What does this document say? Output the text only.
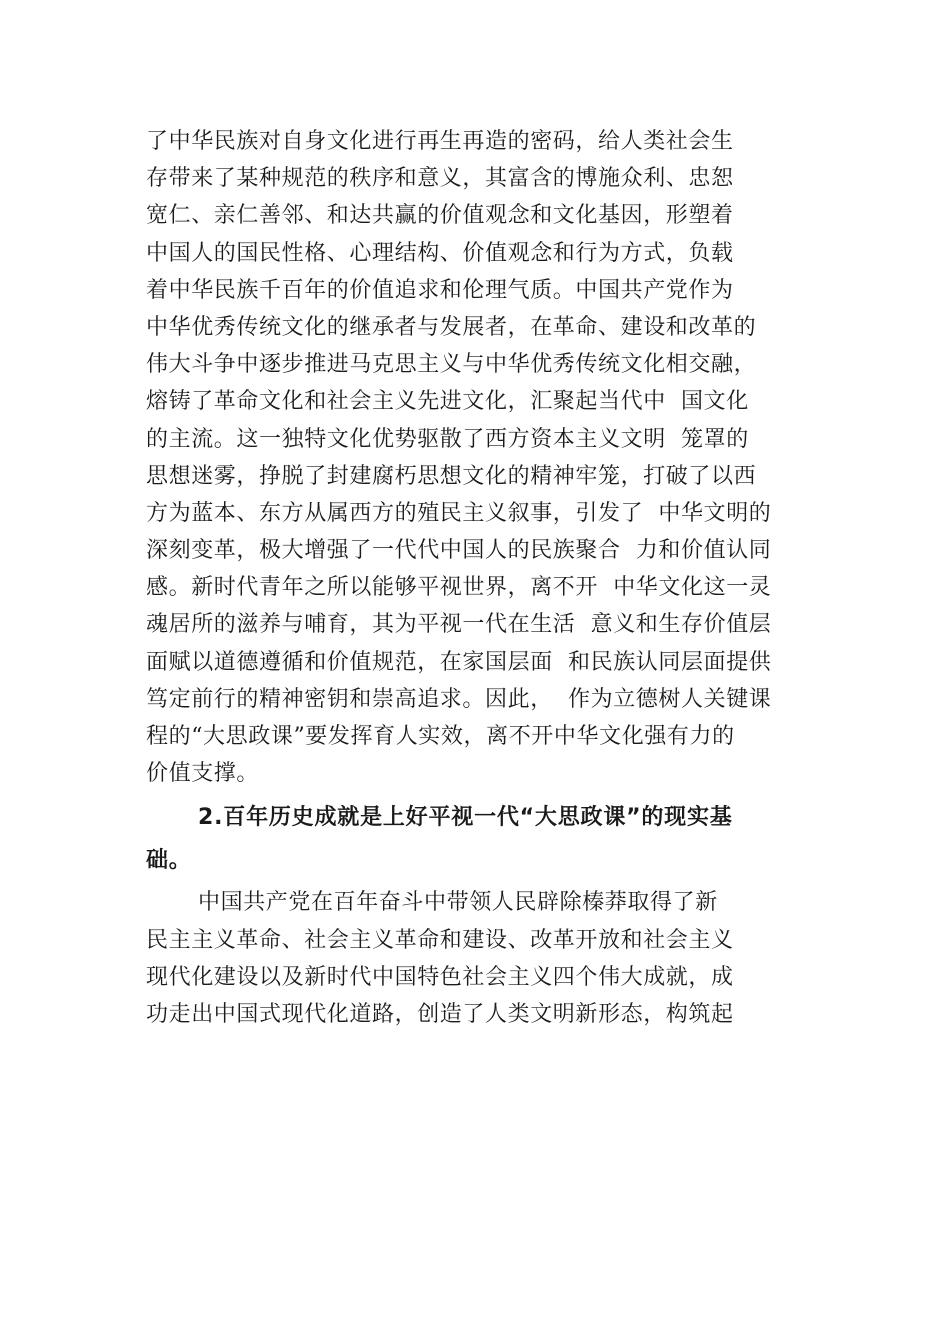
了中华民族对自身文化进行再生再造的密码，给人类社会生

存带来了某种规范的秩序和意义，其富含的博施众利、忠恕

宽仁、亲仁善邻、和达共赢的价值观念和文化基因，形塑着

中国人的国民性格、心理结构、价值观念和行为方式，负载

着中华民族千百年的价值追求和伦理气质。中国共产党作为

中华优秀传统文化的继承者与发展者，在革命、建设和改革的

伟大斗争中逐步推进马克思主义与中华优秀传统文化相交融，

熔铸了革命文化和社会主义先进文化，汇聚起当代中  国文化

的主流。这一独特文化优势驱散了西方资本主义文明  笼罩的

思想迷雾，挣脱了封建腐朽思想文化的精神牢笼，打破了以西

方为蓝本、东方从属西方的殖民主义叙事，引发了  中华文明的

深刻变革，极大增强了一代代中国人的民族聚合  力和价值认同

感。新时代青年之所以能够平视世界，离不开  中华文化这一灵

魂居所的滋养与哺育，其为平视一代在生活  意义和生存价值层

面赋以道德遵循和价值规范，在家国层面  和民族认同层面提供

笃定前行的精神密钥和崇高追求。因此，  作为立德树人关键课

程的“大思政课”要发挥育人实效，离不开中华文化强有力的

价值支撑。

2.百年历史成就是上好平视一代“大思政课”的现实基
础。

中国共产党在百年奋斗中带领人民辟除榛莽取得了新

民主主义革命、社会主义革命和建设、改革开放和社会主义

现代化建设以及新时代中国特色社会主义四个伟大成就，成

功走出中国式现代化道路，创造了人类文明新形态，构筑起
